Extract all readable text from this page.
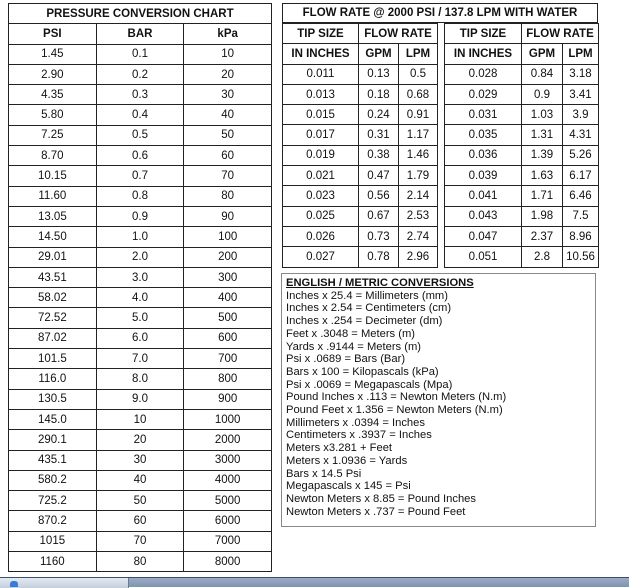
PRESSURE CONVERSION CHART		
PSI	BAR	kPa
1.45	0.1	10
2.90	0.2	20
4.35	0.3	30
5.80	0.4	40
7.25	0.5	50
8.70	0.6	60
10.15	0.7	70
11.60	0.8	80
13.05	0.9	90
14.50	1.0	100
29.01	2.0	200
43.51	3.0	300
58.02	4.0	400
72.52	5.0	500
87.02	6.0	600
101.5	7.0	700
116.0	8.0	800
130.5	9.0	900
145.0	10	1000
290.1	20	2000
435.1	30	3000
580.2	40	4000
725.2	50	5000
870.2	60	6000
1015	70	7000
1160	80	8000
FLOW RATE @ 2000 PSI / 137.8 LPM WITH WATER
TIP SIZE	FLOW RATE	
IN INCHES	GPM	LPM
0.011	0.13	0.5
0.013	0.18	0.68
0.015	0.24	0.91
0.017	0.31	1.17
0.019	0.38	1.46
0.021	0.47	1.79
0.023	0.56	2.14
0.025	0.67	2.53
0.026	0.73	2.74
0.027	0.78	2.96
TIP SIZE	FLOW RATE	
IN INCHES	GPM	LPM
0.028	0.84	3.18
0.029	0.9	3.41
0.031	1.03	3.9
0.035	1.31	4.31
0.036	1.39	5.26
0.039	1.63	6.17
0.041	1.71	6.46
0.043	1.98	7.5
0.047	2.37	8.96
0.051	2.8	10.56
ENGLISH / METRIC CONVERSIONS
Inches x 25.4 = Millimeters (mm)
Inches x 2.54 = Centimeters (cm)
Inches x .254 = Decimeter (dm)
Feet x .3048 = Meters (m)
Yards x .9144 = Meters (m)
Psi x .0689 = Bars (Bar)
Bars x 100 = Kilopascals (kPa)
Psi x .0069 = Megapascals (Mpa)
Pound Inches x .113 = Newton Meters (N.m)
Pound Feet x 1.356 = Newton Meters (N.m)
Millimeters x .0394 = Inches
Centimeters x .3937 = Inches
Meters x3.281 + Feet
Meters x 1.0936 = Yards
Bars x 14.5 Psi
Megapascals x 145 = Psi
Newton Meters x 8.85 = Pound Inches
Newton Meters x .737 = Pound Feet
